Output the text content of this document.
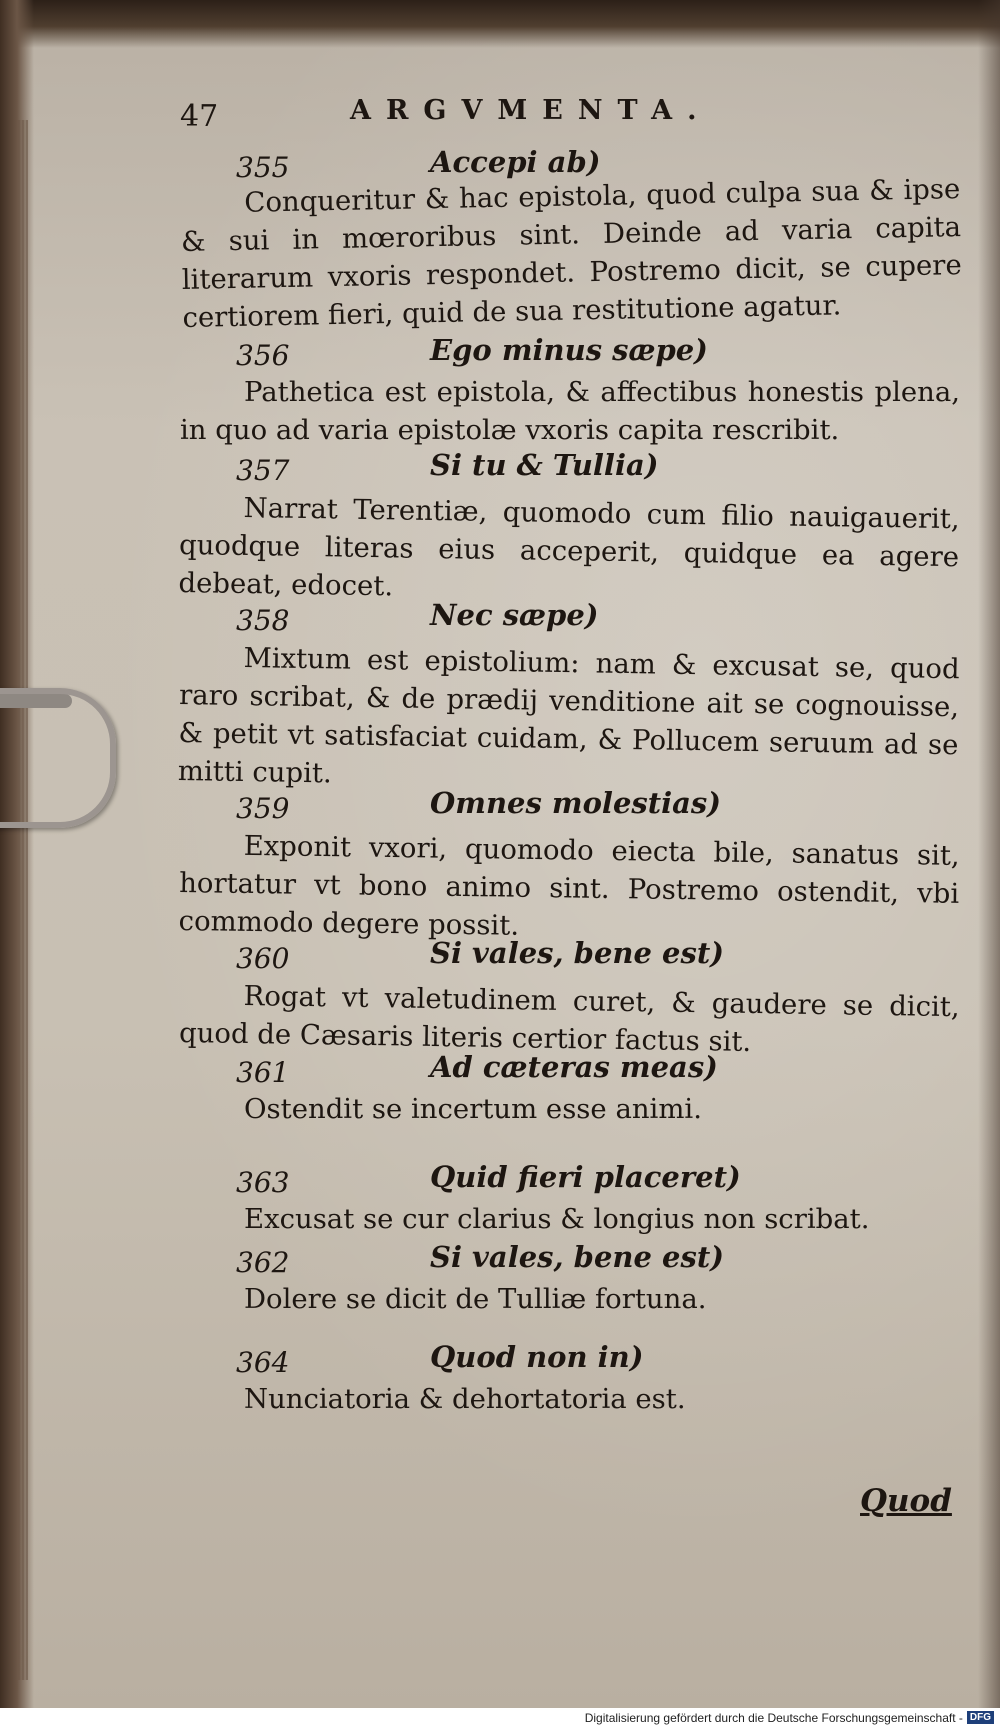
47	ARGVMENTA.
355	Accepi ab)
Conqueritur & hac epistola, quod culpa sua & ipse & sui in mœroribus sint. Deinde ad varia capita literarum vxoris respondet. Postremo dicit, se cupere certiorem fieri, quid de sua restitutione agatur.
356	Ego minus sæpe)
Pathetica est epistola, & affectibus honestis plena, in quo ad varia epistolæ vxoris capita rescribit.
357	Si tu & Tullia)
Narrat Terentiæ, quomodo cum filio nauigauerit, quodque literas eius acceperit, quidque ea agere debeat, edocet.
358	Nec sæpe)
Mixtum est epistolium: nam & excusat se, quod raro scribat, & de prædij venditione ait se cognouisse, & petit vt satisfaciat cuidam, & Pollucem seruum ad se mitti cupit.
359	Omnes molestias)
Exponit vxori, quomodo eiecta bile, sanatus sit, hortatur vt bono animo sint. Postremo ostendit, vbi commodo degere possit.
360	Si vales, bene est)
Rogat vt valetudinem curet, & gaudere se dicit, quod de Cæsaris literis certior factus sit.
361	Ad cæteras meas)
Ostendit se incertum esse animi.
363	Quid fieri placeret)
Excusat se cur clarius & longius non scribat.
362	Si vales, bene est)
Dolere se dicit de Tulliæ fortuna.
364	Quod non in)
Nunciatoria & dehortatoria est.
Quod
Digitalisierung gefördert durch die Deutsche Forschungsgemeinschaft - DFG
